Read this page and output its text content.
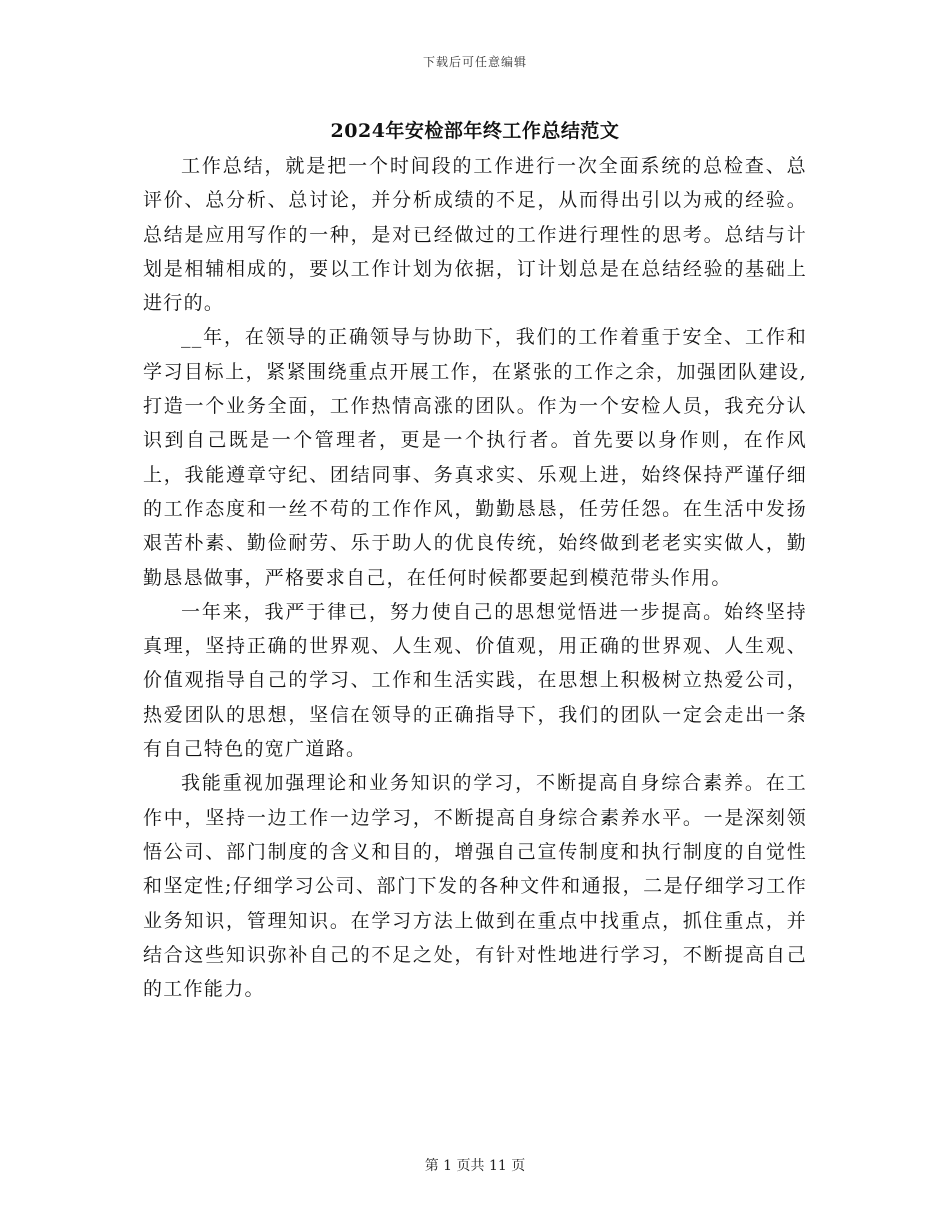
下载后可任意编辑
2024年安检部年终工作总结范文

工作总结，就是把一个时间段的工作进行一次全面系统的总检查、总评价、总分析、总讨论，并分析成绩的不足，从而得出引以为戒的经验。总结是应用写作的一种，是对已经做过的工作进行理性的思考。总结与计划是相辅相成的，要以工作计划为依据，订计划总是在总结经验的基础上进行的。

__年，在领导的正确领导与协助下，我们的工作着重于安全、工作和学习目标上，紧紧围绕重点开展工作，在紧张的工作之余，加强团队建设,打造一个业务全面，工作热情高涨的团队。作为一个安检人员，我充分认识到自己既是一个管理者，更是一个执行者。首先要以身作则，在作风上，我能遵章守纪、团结同事、务真求实、乐观上进，始终保持严谨仔细的工作态度和一丝不苟的工作作风，勤勤恳恳，任劳任怨。在生活中发扬艰苦朴素、勤俭耐劳、乐于助人的优良传统，始终做到老老实实做人，勤勤恳恳做事，严格要求自己，在任何时候都要起到模范带头作用。

一年来，我严于律已，努力使自己的思想觉悟进一步提高。始终坚持真理，坚持正确的世界观、人生观、价值观，用正确的世界观、人生观、价值观指导自己的学习、工作和生活实践，在思想上积极树立热爱公司，热爱团队的思想，坚信在领导的正确指导下，我们的团队一定会走出一条有自己特色的宽广道路。

我能重视加强理论和业务知识的学习，不断提高自身综合素养。在工作中，坚持一边工作一边学习，不断提高自身综合素养水平。一是深刻领悟公司、部门制度的含义和目的，增强自己宣传制度和执行制度的自觉性和坚定性;仔细学习公司、部门下发的各种文件和通报，二是仔细学习工作业务知识，管理知识。在学习方法上做到在重点中找重点，抓住重点，并结合这些知识弥补自己的不足之处，有针对性地进行学习，不断提高自己的工作能力。

第 1 页共 11 页
